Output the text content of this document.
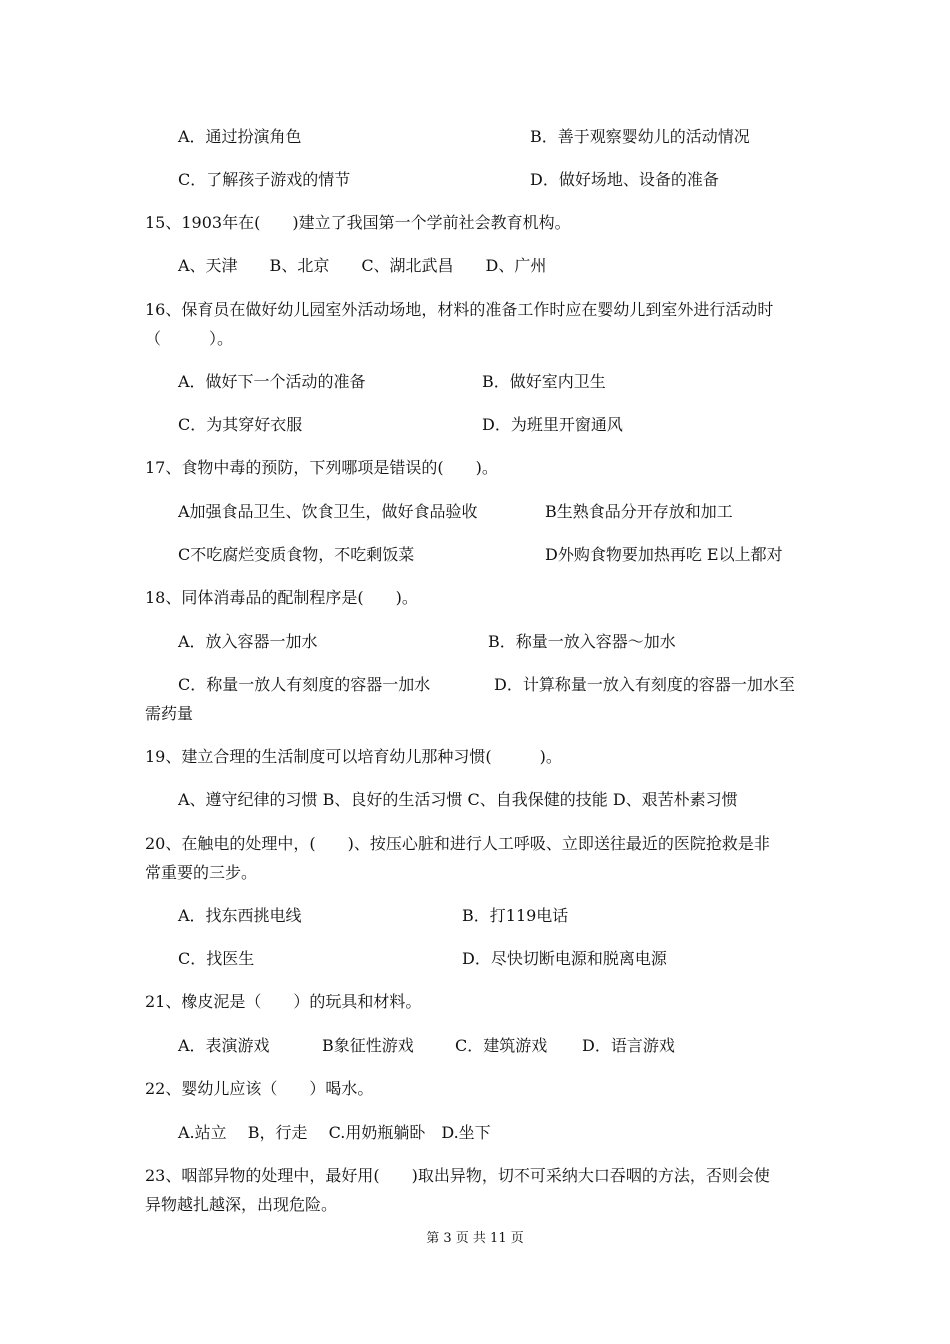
A．通过扮演角色	B．善于观察婴幼儿的活动情况
C．了解孩子游戏的情节	D．做好场地、设备的准备
15、1903年在(　　)建立了我国第一个学前社会教育机构。
A、天津　　B、北京　　C、湖北武昌　　D、广州
16、保育员在做好幼儿园室外活动场地，材料的准备工作时应在婴幼儿到室外进行活动时
（　　　）。
A．做好下一个活动的准备	B．做好室内卫生
C．为其穿好衣服	D．为班里开窗通风
17、食物中毒的预防，下列哪项是错误的(　　)。
A加强食品卫生、饮食卫生，做好食品验收	B生熟食品分开存放和加工
C不吃腐烂变质食物，不吃剩饭菜	D外购食物要加热再吃 E以上都对
18、同体消毒品的配制程序是(　　)。
A．放入容器一加水	B．称量一放入容器～加水
C．称量一放人有刻度的容器一加水	D．计算称量一放入有刻度的容器一加水至
需药量
19、建立合理的生活制度可以培育幼儿那种习惯(　　　)。
A、遵守纪律的习惯 B、良好的生活习惯 C、自我保健的技能 D、艰苦朴素习惯
20、在触电的处理中，(　　)、按压心脏和进行人工呼吸、立即送往最近的医院抢救是非
常重要的三步。
A．找东西挑电线	B．打119电话
C．找医生	D．尽快切断电源和脱离电源
21、橡皮泥是（　　）的玩具和材料。
A．表演游戏	B象征性游戏	C．建筑游戏 D．语言游戏
22、婴幼儿应该（　　）喝水。
A.站立　 B，行走　 C.用奶瓶躺卧　D.坐下
23、咽部异物的处理中，最好用(　　)取出异物，切不可采纳大口吞咽的方法，否则会使
异物越扎越深，出现危险。
第 3 页 共 11 页
